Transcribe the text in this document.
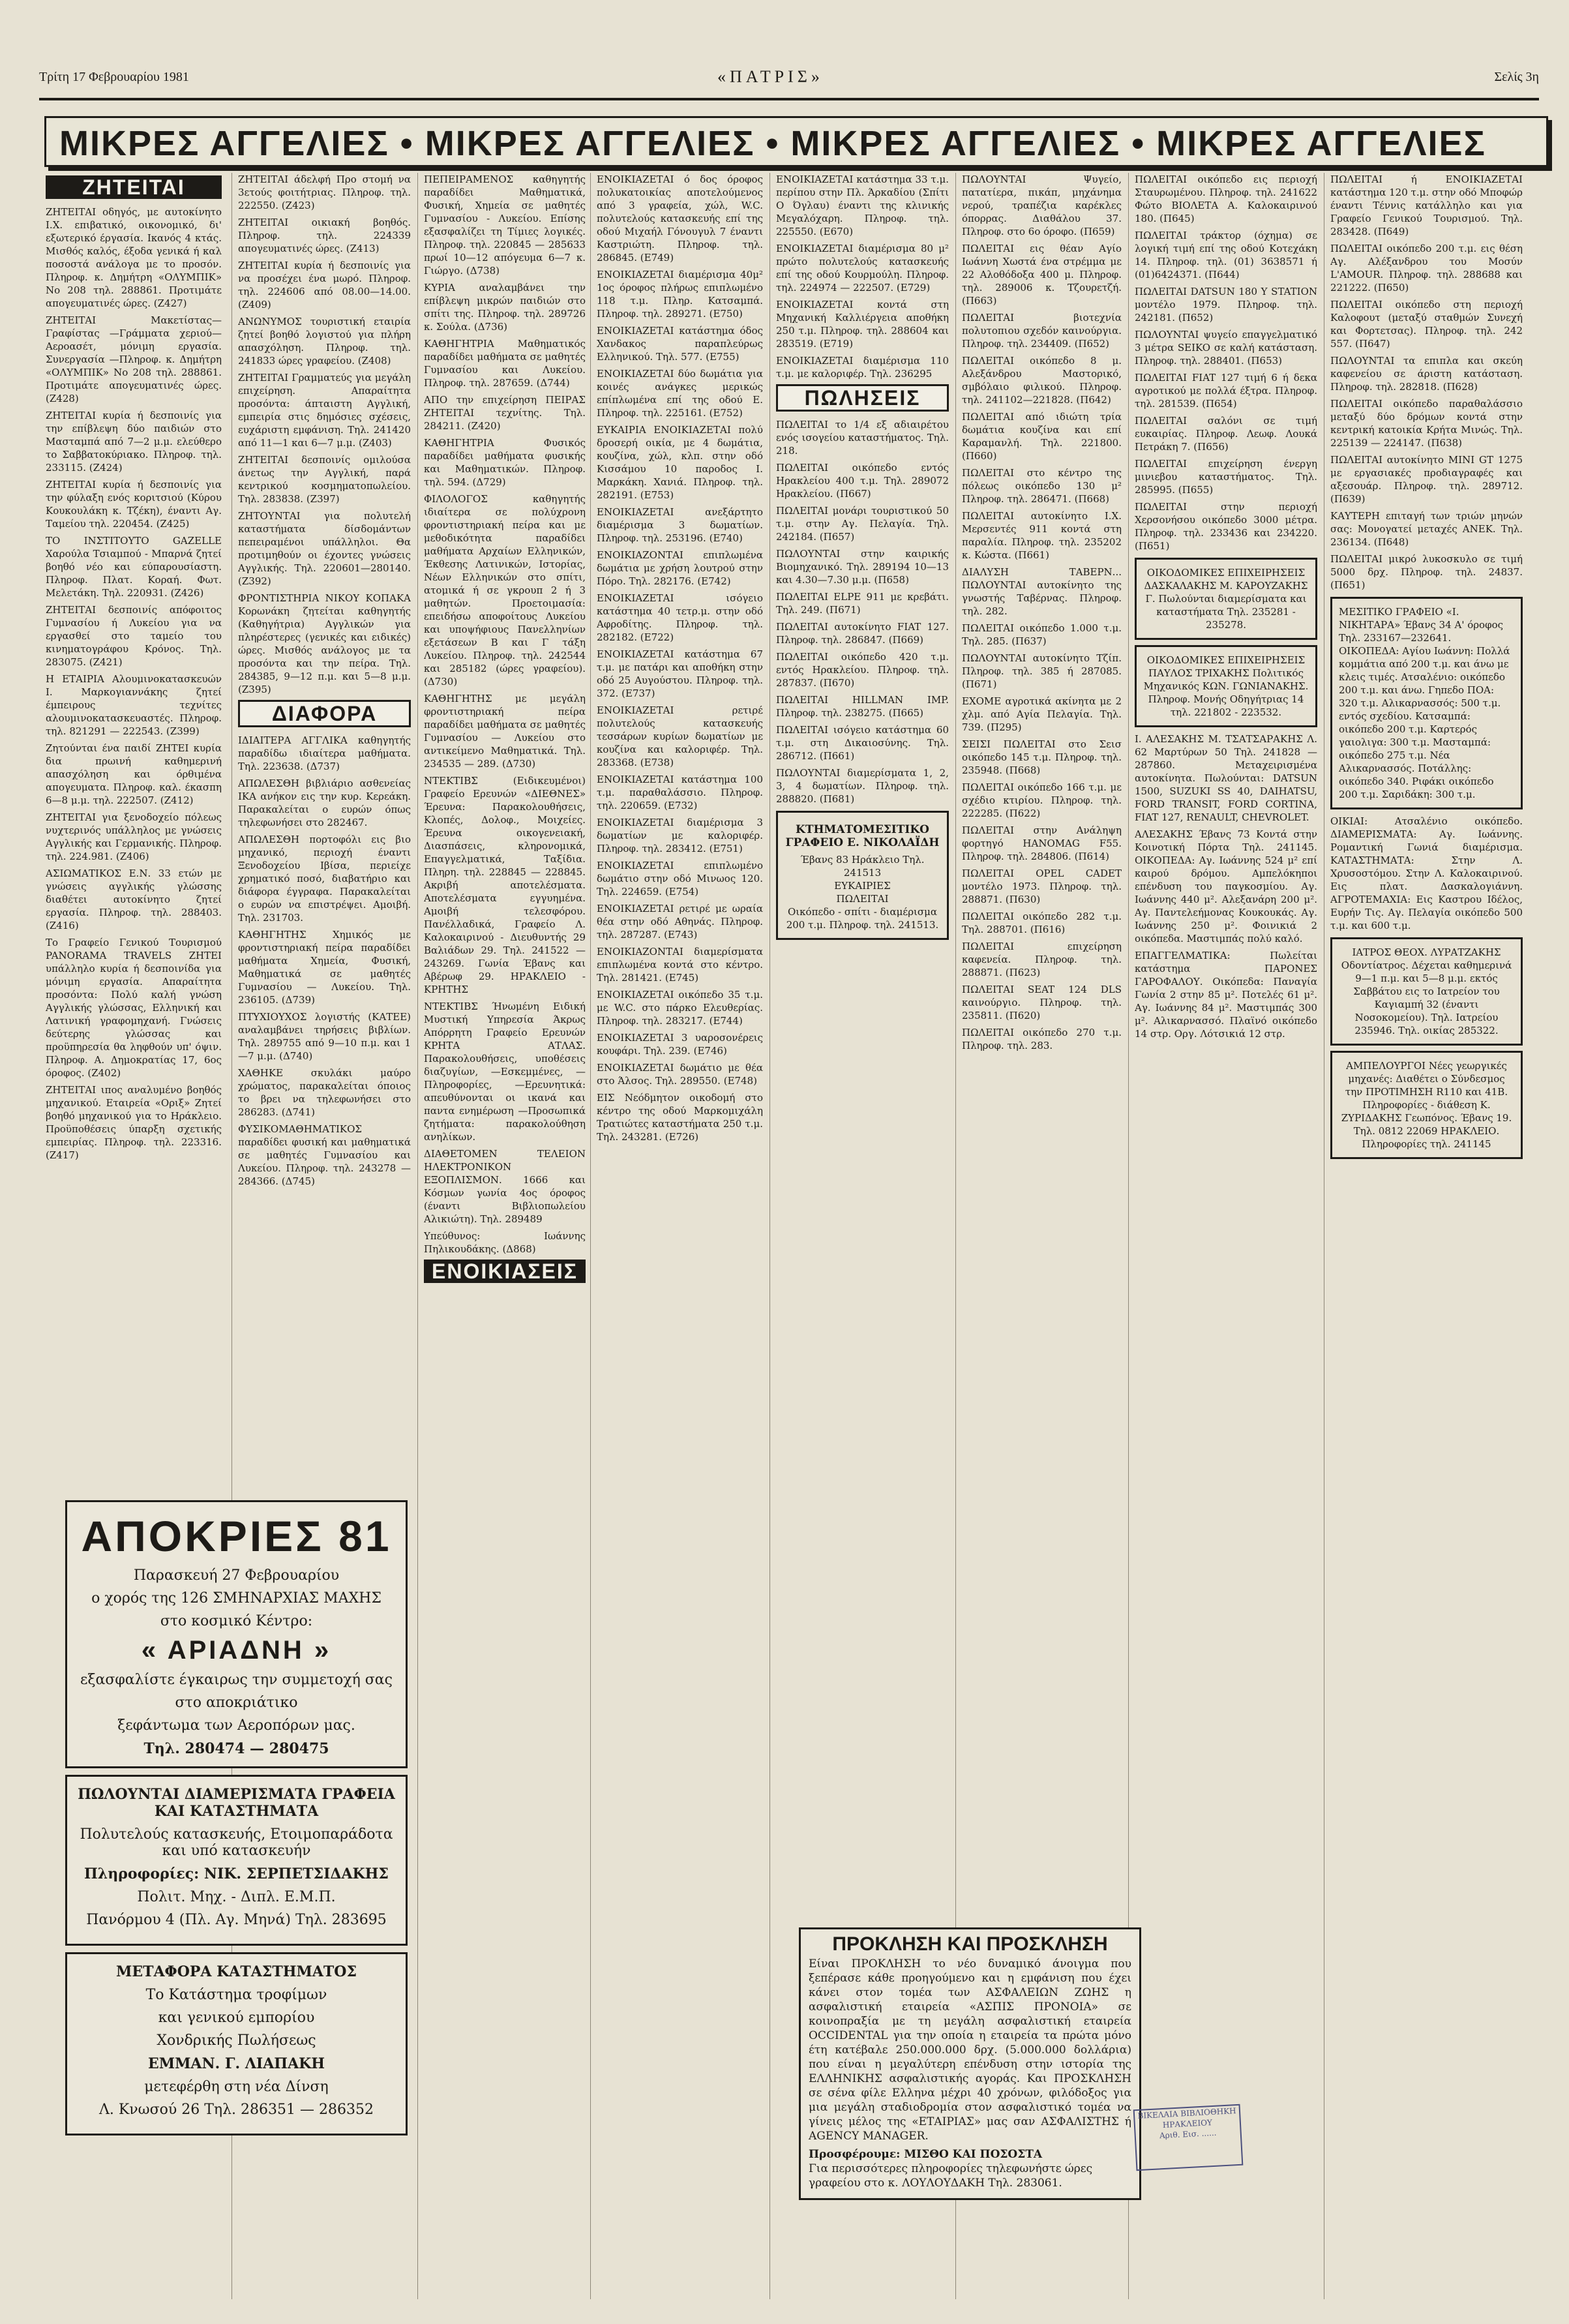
Τρίτη 17 Φεβρουαρίου 1981	«ΠΑΤΡΙΣ»	Σελίς 3η
ΜΙΚΡΕΣ ΑΓΓΕΛΙΕΣ • ΜΙΚΡΕΣ ΑΓΓΕΛΙΕΣ • ΜΙΚΡΕΣ ΑΓΓΕΛΙΕΣ • ΜΙΚΡΕΣ ΑΓΓΕΛΙΕΣ
ΖΗΤΕΙΤΑΙ

ΖΗΤΕΙΤΑΙ οδηγός, με αυτοκίνητο Ι.Χ. επιβατικό, οικονομικό, δι' εξωτερικό έργασία. Ικανός 4 κτάς. Μισθός καλός, έξοδα γενικά ή καλ ποσοστά ανάλογα με το προσόν. Πληροφ. κ. Δημήτρη «ΟΛΥΜΠΙΚ» Νο 208 τηλ. 288861. Προτιμάτε απογευματινές ώρες. (Ζ427)

ΖΗΤΕΙΤΑΙ Μακετίστας—Γραφίστας —Γράμματα χεριού— Αεροασέτ, μόνιμη εργασία. Συνεργασία —Πληροφ. κ. Δημήτρη «ΟΛΥΜΠΙΚ» Νο 208 τηλ. 288861. Προτιμάτε απογευματινές ώρες. (Ζ428)

ΖΗΤΕΙΤΑΙ κυρία ή δεσποινίς για την επίβλεψη δύο παιδιών στο Μασταμπά από 7—2 μ.μ. ελεύθερο το Σαββατοκύριακο. Πληροφ. τηλ. 233115. (Ζ424)

ΖΗΤΕΙΤΑΙ κυρία ή δεσποινίς για την φύλαξη ενός κοριτσιού (Κύρου Κουκουλάκη κ. Τζέκη), έναντι Αγ. Ταμείου τηλ. 220454. (Ζ425)

ΤΟ ΙΝΣΤΙΤΟΥΤΟ GAZELLE Χαρούλα Τσιαμπού - Μπαρνά ζητεί βοηθό νέο και εύπαρουσίαστη. Πληροφ. Πλατ. Κοραή. Φωτ. Μελετάκη. Τηλ. 220931. (Ζ426)

ΖΗΤΕΙΤΑΙ δεσποινίς απόφοιτος Γυμνασίου ή Λυκείου για να εργασθεί στο ταμείο του κινηματογράφου Κρόνος. Τηλ. 283075. (Ζ421)

Η ΕΤΑΙΡΙΑ Αλουμινοκατασκευών Ι. Μαρκογιαννάκης ζητεί έμπειρους τεχνίτες αλουμινοκατασκευαστές. Πληροφ. τηλ. 821291 — 222543. (Ζ399)

Ζητούνται ένα παιδί ΖΗΤΕΙ κυρία δια πρωινή καθημερινή απασχόληση και όρθιμένα απογευματα. Πληροφ. καλ. έκασπη 6—8 μ.μ. τηλ. 222507. (Ζ412)

ΖΗΤΕΙΤΑΙ για ξενοδοχείο πόλεως νυχτερινός υπάλληλος με γνώσεις Αγγλικής και Γερμανικής. Πληροφ. τηλ. 224.981. (Ζ406)

ΑΣΙΩΜΑΤΙΚΟΣ Ε.Ν. 33 ετών με γνώσεις αγγλικής γλώσσης διαθέτει αυτοκίνητο ζητεί εργασία. Πληροφ. τηλ. 288403. (Ζ416)

Το Γραφείο Γενικού Τουρισμού PANORAMA TRAVELS ΖΗΤΕΙ υπάλληλο κυρία ή δεσποινίδα για μόνιμη εργασία. Απαραίτητα προσόντα: Πολύ καλή γνώση Αγγλικής γλώσσας, Ελληνική και Λατινική γραφομηχανή. Γνώσεις δεύτερης γλώσσας και προϋπηρεσία θα ληφθούν υπ' όψιν. Πληροφ. Α. Δημοκρατίας 17, 6ος όροφος. (Ζ402)

ΖΗΤΕΙΤΑΙ ιπος αναλυμένο βοηθός μηχανικού. Εταιρεία «Οριξ» Ζητεί βοηθό μηχανικού για το Ηράκλειο. Προϋποθέσεις ύπαρξη σχετικής εμπειρίας. Πληροφ. τηλ. 223316. (Ζ417)

ΑΠΟΚΡΙΕΣ 81
Παρασκευή 27 Φεβρουαρίου
ο χορός της 126 ΣΜΗΝΑΡΧΙΑΣ ΜΑΧΗΣ
στο κοσμικό Κέντρο:
« ΑΡΙΑΔΝΗ »
εξασφαλίστε έγκαιρως την συμμετοχή σας
στο αποκριάτικο
ξεφάντωμα των Αεροπόρων μας.
Τηλ. 280474 — 280475
ΠΩΛΟΥΝΤΑΙ ΔΙΑΜΕΡΙΣΜΑΤΑ ΓΡΑΦΕΙΑ ΚΑΙ ΚΑΤΑΣΤΗΜΑΤΑ
Πολυτελούς κατασκευής, Ετοιμοπαράδοτα και υπό κατασκευήν
Πληροφορίες: ΝΙΚ. ΣΕΡΠΕΤΣΙΔΑΚΗΣ
Πολιτ. Μηχ. - Διπλ. Ε.Μ.Π.
Πανόρμου 4 (Πλ. Αγ. Μηνά) Τηλ. 283695
ΜΕΤΑΦΟΡΑ ΚΑΤΑΣΤΗΜΑΤΟΣ
Το Κατάστημα τροφίμων
και γενικού εμπορίου
Χονδρικής Πωλήσεως
ΕΜΜΑΝ. Γ. ΛΙΑΠΑΚΗ
μετεφέρθη στη νέα Δίνση
Λ. Κνωσού 26 Τηλ. 286351 — 286352

ΖΗΤΕΙΤΑΙ άδελφή Προ στομή να 3ετούς φοιτήτριας. Πληροφ. τηλ. 222550. (Ζ423)

ΖΗΤΕΙΤΑΙ οικιακή βοηθός. Πληροφ. τηλ. 224339 απογευματινές ώρες. (Ζ413)

ΖΗΤΕΙΤΑΙ κυρία ή δεσποινίς για να προσέχει ένα μωρό. Πληροφ. τηλ. 224606 από 08.00—14.00. (Ζ409)

ΑΝΩΝΥΜΟΣ τουριστική εταιρία ζητεί βοηθό λογιστού για πλήρη απασχόληση. Πληροφ. τηλ. 241833 ώρες γραφείου. (Ζ408)

ΖΗΤΕΙΤΑΙ Γραμματεύς για μεγάλη επιχείρηση. Απαραίτητα προσόντα: άπταιστη Αγγλική, εμπειρία στις δημόσιες σχέσεις, ευχάριστη εμφάνιση. Τηλ. 241420 από 11—1 και 6—7 μ.μ. (Ζ403)

ΖΗΤΕΙΤΑΙ δεσποινίς ομιλούσα άνετως την Αγγλική, παρά κεντρικού κοσμηματοπωλείου. Τηλ. 283838. (Ζ397)

ΖΗΤΟΥΝΤΑΙ για πολυτελή καταστήματα δίσδομάντων πεπειραμένοι υπάλληλοι. Θα προτιμηθούν οι έχοντες γνώσεις Αγγλικής. Τηλ. 220601—280140. (Ζ392)

ΦΡΟΝΤΙΣΤΗΡΙΑ ΝΙΚΟΥ ΚΟΠΑΚΑ Κορωνάκη ζητείται καθηγητής (Καθηγήτρια) Αγγλικών για πληρέστερες (γενικές και ειδικές) ώρες. Μισθός ανάλογος με τα προσόντα και την πείρα. Τηλ. 284385, 9—12 π.μ. και 5—8 μ.μ. (Ζ395)

ΔΙΑΦΟΡΑ

ΙΔΙΑΙΤΕΡΑ ΑΓΓΛΙΚΑ καθηγητής παραδίδω ιδιαίτερα μαθήματα. Τηλ. 223638. (Δ737)

ΑΠΩΛΕΣΘΗ βιβλιάριο ασθενείας ΙΚΑ ανήκον εις την κυρ. Κερεάκη. Παρακαλείται ο ευρών όπως τηλεφωνήσει στο 282467.

ΑΠΩΛΕΣΘΗ πορτοφόλι εις βιο μηχανικό, περιοχή έναντι Ξενοδοχείου Ιβίσα, περιείχε χρηματικό ποσό, διαβατήριο και διάφορα έγγραφα. Παρακαλείται ο ευρών να επιστρέψει. Αμοιβή. Τηλ. 231703.

ΚΑΘΗΓΗΤΗΣ Χημικός με φροντιστηριακή πείρα παραδίδει μαθήματα Χημεία, Φυσική, Μαθηματικά σε μαθητές Γυμνασίου — Λυκείου. Τηλ. 236105. (Δ739)

ΠΤΥΧΙΟΥΧΟΣ λογιστής (ΚΑΤΕΕ) αναλαμβάνει τηρήσεις βιβλίων. Τηλ. 289755 από 9—10 π.μ. και 1—7 μ.μ. (Δ740)

ΧΑΘΗΚΕ σκυλάκι μαύρο χρώματος, παρακαλείται όποιος το βρει να τηλεφωνήσει στο 286283. (Δ741)

ΦΥΣΙΚΟΜΑΘΗΜΑΤΙΚΟΣ παραδίδει φυσική και μαθηματικά σε μαθητές Γυμνασίου και Λυκείου. Πληροφ. τηλ. 243278 — 284366. (Δ745)

ΠΕΠΕΙΡΑΜΕΝΟΣ καθηγητής παραδίδει Μαθηματικά, Φυσική, Χημεία σε μαθητές Γυμνασίου - Λυκείου. Επίσης εξασφαλίζει τη Τίμιες λογικές. Πληροφ. τηλ. 220845 — 285633 πρωί 10—12 απόγευμα 6—7 κ. Γιώργο. (Δ738)

ΚΥΡΙΑ αναλαμβάνει την επίβλεψη μικρών παιδιών στο σπίτι της. Πληροφ. τηλ. 289726 κ. Σούλα. (Δ736)

ΚΑΘΗΓΗΤΡΙΑ Μαθηματικός παραδίδει μαθήματα σε μαθητές Γυμνασίου και Λυκείου. Πληροφ. τηλ. 287659. (Δ744)

ΑΠΟ την επιχείρηση ΠΕΙΡΑΣ ΖΗΤΕΙΤΑΙ τεχνίτης. Τηλ. 284211. (Ζ420)

ΚΑΘΗΓΗΤΡΙΑ Φυσικός παραδίδει μαθήματα φυσικής και Μαθηματικών. Πληροφ. τηλ. 594. (Δ729)

ΦΙΛΟΛΟΓΟΣ καθηγητής ιδιαίτερα σε πολύχρονη φροντιστηριακή πείρα και με μεθοδικότητα παραδίδει μαθήματα Αρχαίων Ελληνικών, Έκθεσης Λατινικών, Ιστορίας, Νέων Ελληνικών στο σπίτι, ατομικά ή σε γκρουπ 2 ή 3 μαθητών. Προετοιμασία: επειδήσω αποφοίτους Λυκείου και υποψήφιους Πανελληνίων εξετάσεων Β και Γ τάξη Λυκείου. Πληροφ. τηλ. 242544 και 285182 (ώρες γραφείου). (Δ730)

ΚΑΘΗΓΗΤΗΣ με μεγάλη φροντιστηριακή πείρα παραδίδει μαθήματα σε μαθητές Γυμνασίου — Λυκείου στο αντικείμενο Μαθηματικά. Τηλ. 234535 — 289. (Δ730)

ΝΤΕΚΤΙΒΣ (Ειδικευμένοι) Γραφείο Ερευνών «ΔΙΕΘΝΕΣ» Έρευνα: Παρακολουθήσεις, Κλοπές, Δολοφ., Μοιχείες. Έρευνα οικογενειακή, Διασπάσεις, κληρονομικά, Επαγγελματικά, Ταξίδια. Πληρη. τηλ. 228845 — 228845. Ακριβή αποτελέσματα. Αποτελέσματα εγγυημένα. Αμοιβή τελεσφόρου. Πανέλλαδικά, Γραφείο Λ. Καλοκαιρινού - Διευθυντής 29 Βαλιάδων 29. Τηλ. 241522 — 243269. Γωνία Έβανς και Αβέρωφ 29. ΗΡΑΚΛΕΙΟ - ΚΡΗΤΗΣ

ΝΤΕΚΤΙΒΣ Ήνωμένη Ειδική Μυστική Υπηρεσία Άκρως Απόρρητη Γραφείο Ερευνών ΚΡΗΤΑ ΑΤΛΑΣ. Παρακολουθήσεις, υποθέσεις διαζυγίων, —Εσκεμμένες, —Πληροφορίες, —Ερευνητικά: απευθύνονται οι ικανά και παντα ενημέρωση —Προσωπικά ζητήματα: παρακολούθηση ανηλίκων.

ΔΙΑΘΕΤΟΜΕΝ ΤΕΛΕΙΟΝ ΗΛΕΚΤΡΟΝΙΚΟΝ ΕΞΟΠΛΙΣΜΟΝ. 1666 και Κόσμων γωνία 4ος όροφος (έναντι Βιβλιοπωλείου Αλικιώτη). Τηλ. 289489

Υπεύθυνος: Ιωάννης Πηλικουδάκης. (Δ868)

ΕΝΟΙΚΙΑΣΕΙΣ

ΕΝΟΙΚΙΑΖΕΤΑΙ ό δος όροφος πολυκατοικίας αποτελούμενος από 3 γραφεία, χώλ, W.C. πολυτελούς κατασκευής επί της οδού Μιχαήλ Γόνουγυλ 7 έναντι Καστριώτη. Πληροφ. τηλ. 286845. (Ε749)

ΕΝΟΙΚΙΑΖΕΤΑΙ διαμέρισμα 40μ² 1ος όροφος πλήρως επιπλωμένο 118 τ.μ. Πληρ. Κατσαμπά. Πληροφ. τηλ. 289271. (Ε750)

ΕΝΟΙΚΙΑΖΕΤΑΙ κατάστημα όδος Χανδακος παραπλεύρως Ελληνικού. Τηλ. 577. (Ε755)

ΕΝΟΙΚΙΑΖΕΤΑΙ δύο δωμάτια για κοινές ανάγκες μερικώς επίπλωμένα επί της οδού Ε. Πληροφ. τηλ. 225161. (Ε752)

ΕΥΚΑΙΡΙΑ ΕΝΟΙΚΙΑΖΕΤΑΙ πολύ δροσερή οικία, με 4 δωμάτια, κουζίνα, χώλ, κλπ. στην οδό Κισσάμου 10 παροδος Ι. Μαρκάκη. Χανιά. Πληροφ. τηλ. 282191. (Ε753)

ΕΝΟΙΚΙΑΖΕΤΑΙ ανεξάρτητο διαμέρισμα 3 δωματίων. Πληροφ. τηλ. 253196. (Ε740)

ΕΝΟΙΚΙΑΖΟΝΤΑΙ επιπλωμένα δωμάτια με χρήση λουτρού στην Πόρο. Τηλ. 282176. (Ε742)

ΕΝΟΙΚΙΑΖΕΤΑΙ ισόγειο κατάστημα 40 τετρ.μ. στην οδό Αφροδίτης. Πληροφ. τηλ. 282182. (Ε722)

ΕΝΟΙΚΙΑΖΕΤΑΙ κατάστημα 67 τ.μ. με πατάρι και αποθήκη στην οδό 25 Αυγούστου. Πληροφ. τηλ. 372. (Ε737)

ΕΝΟΙΚΙΑΖΕΤΑΙ ρετιρέ πολυτελούς κατασκευής τεσσάρων κυρίων δωματίων με κουζίνα και καλοριφέρ. Τηλ. 283368. (Ε738)

ΕΝΟΙΚΙΑΖΕΤΑΙ κατάστημα 100 τ.μ. παραθαλάσσιο. Πληροφ. τηλ. 220659. (Ε732)

ΕΝΟΙΚΙΑΖΕΤΑΙ διαμέρισμα 3 δωματίων με καλοριφέρ. Πληροφ. τηλ. 283412. (Ε751)

ΕΝΟΙΚΙΑΖΕΤΑΙ επιπλωμένο δωμάτιο στην οδό Μινωος 120. Τηλ. 224659. (Ε754)

ΕΝΟΙΚΙΑΖΕΤΑΙ ρετιρέ με ωραία θέα στην οδό Αθηνάς. Πληροφ. τηλ. 287287. (Ε743)

ΕΝΟΙΚΙΑΖΟΝΤΑΙ διαμερίσματα επιπλωμένα κοντά στο κέντρο. Τηλ. 281421. (Ε745)

ΕΝΟΙΚΙΑΖΕΤΑΙ οικόπεδο 35 τ.μ. με W.C. στο πάρκο Ελευθερίας. Πληροφ. τηλ. 283217. (Ε744)

ΕΝΟΙΚΙΑΖΕΤΑΙ 3 υαροσονέρεις κουφάρι. Τηλ. 239. (Ε746)

ΕΝΟΙΚΙΑΖΕΤΑΙ δωμάτιο με θέα στο Άλσος. Τηλ. 289550. (Ε748)

ΕΙΣ Νεόδμητον οικοδομή στο κέντρο της οδού Μαρκομιχάλη Τρατιώτες καταστήματα 250 τ.μ. Τηλ. 243281. (Ε726)

ΕΝΟΙΚΙΑΖΕΤΑΙ κατάστημα 33 τ.μ. περίπου στην Πλ. Άρκαδίου (Σπίτι Ο Όγλαυ) έναντι της κλινικής Μεγαλόχαρη. Πληροφ. τηλ. 225550. (Ε670)

ΕΝΟΙΚΙΑΖΕΤΑΙ διαμέρισμα 80 μ² πρώτο πολυτελούς κατασκευής επί της οδού Κουρμούλη. Πληροφ. τηλ. 224974 — 222507. (Ε729)

ΕΝΟΙΚΙΑΖΕΤΑΙ κοντά στη Μηχανική Καλλιέργεια αποθήκη 250 τ.μ. Πληροφ. τηλ. 288604 και 283519. (Ε719)

ΕΝΟΙΚΙΑΖΕΤΑΙ διαμέρισμα 110 τ.μ. με καλοριφέρ. Τηλ. 236295

ΠΩΛΗΣΕΙΣ

ΠΩΛΕΙΤΑΙ το 1/4 εξ αδιαιρέτου ενός ισογείου καταστήματος. Τηλ. 218.

ΠΩΛΕΙΤΑΙ οικόπεδο εντός Ηρακλείου 400 τ.μ. Τηλ. 289072 Ηρακλείου. (Π667)

ΠΩΛΕΙΤΑΙ μονάρι τουριστικού 50 τ.μ. στην Αγ. Πελαγία. Τηλ. 242184. (Π657)

ΠΩΛΟΥΝΤΑΙ στην καιρικής Βιομηχανικό. Τηλ. 289194 10—13 και 4.30—7.30 μ.μ. (Π658)

ΠΩΛΕΙΤΑΙ ELPE 911 με κρεβάτι. Τηλ. 249. (Π671)

ΠΩΛΕΙΤΑΙ αυτοκίνητο FIAT 127. Πληροφ. τηλ. 286847. (Π669)

ΠΩΛΕΙΤΑΙ οικόπεδο 420 τ.μ. εντός Ηρακλείου. Πληροφ. τηλ. 287837. (Π670)

ΠΩΛΕΙΤΑΙ HILLMAN IMP. Πληροφ. τηλ. 238275. (Π665)

ΠΩΛΕΙΤΑΙ ισόγειο κατάστημα 60 τ.μ. στη Δικαιοσύνης. Τηλ. 286712. (Π661)

ΠΩΛΟΥΝΤΑΙ διαμερίσματα 1, 2, 3, 4 δωματίων. Πληροφ. τηλ. 288820. (Π681)

ΚΤΗΜΑΤΟΜΕΣΙΤΙΚΟ ΓΡΑΦΕΙΟ Ε. ΝΙΚΟΛΑΪΔΗ
Έβανς 83 Ηράκλειο Τηλ. 241513
ΕΥΚΑΙΡΙΕΣ
ΠΩΛΕΙΤΑΙ
Οικόπεδο - σπίτι - διαμέρισμα 200 τ.μ. Πληροφ. τηλ. 241513.
ΠΡΟΚΛΗΣΗ ΚΑΙ ΠΡΟΣΚΛΗΣΗ
Είναι ΠΡΟΚΛΗΣΗ το νέο δυναμικό άνοιγμα που ξεπέρασε κάθε προηγούμενο και η εμφάνιση που έχει κάνει στον τομέα των ΑΣΦΑΛΕΙΩΝ ΖΩΗΣ η ασφαλιστική εταιρεία «ΑΣΠΙΣ ΠΡΟΝΟΙΑ» σε κοινοπραξία με τη μεγάλη ασφαλιστική εταιρεία OCCIDENTAL για την οποία η εταιρεία τα πρώτα μόνο έτη κατέβαλε 250.000.000 δρχ. (5.000.000 δολλάρια) που είναι η μεγαλύτερη επένδυση στην ιστορία της ΕΛΛΗΝΙΚΗΣ ασφαλιστικής αγοράς. Και ΠΡΟΣΚΛΗΣΗ σε σένα φίλε Ελληνα μέχρι 40 χρόνων, φιλόδοξος για μια μεγάλη σταδιοδρομία στον ασφαλιστικό τομέα να γίνεις μέλος της «ΕΤΑΙΡΙΑΣ» μας σαν ΑΣΦΑΛΙΣΤΗΣ ή AGENCY MANAGER.
Προσφέρουμε: ΜΙΣΘΟ ΚΑΙ ΠΟΣΟΣΤΑ
Για περισσότερες πληροφορίες τηλεφωνήστε ώρες γραφείου στο κ. ΛΟΥΛΟΥΔΑΚΗ Τηλ. 283061.

ΠΩΛΟΥΝΤΑΙ Ψυγείο, πατατίερα, πικάπ, μηχάνημα νερού, τραπέζια καρέκλες όπορρας. Διαθάλου 37. Πληροφ. στο 6ο όροφο. (Π659)

ΠΩΛΕΙΤΑΙ εις θέαν Αγίο Ιωάννη Χωστά ένα στρέμμα με 22 Αλοθόδοξα 400 μ. Πληροφ. τηλ. 289006 κ. Τζουρετζή. (Π663)

ΠΩΛΕΙΤΑΙ βιοτεχνία πολυτοπιου σχεδόν καινούργια. Πληροφ. τηλ. 234409. (Π652)

ΠΩΛΕΙΤΑΙ οικόπεδο 8 μ. Αλεξάνδρου Μαστορικό, σμβόλαιο φιλικού. Πληροφ. τηλ. 241102—221828. (Π642)

ΠΩΛΕΙΤΑΙ από ιδιώτη τρία δωμάτια κουζίνα και επί Καραμανλή. Τηλ. 221800. (Π660)

ΠΩΛΕΙΤΑΙ στο κέντρο της πόλεως οικόπεδο 130 μ² Πληροφ. τηλ. 286471. (Π668)

ΠΩΛΕΙΤΑΙ αυτοκίνητο Ι.Χ. Μερσεντές 911 κοντά στη παραλία. Πληροφ. τηλ. 235202 κ. Κώστα. (Π661)

ΔΙΑΛΥΣΗ ΤΑΒΕΡΝ... ΠΩΛΟΥΝΤΑΙ αυτοκίνητο της γνωστής Ταβέρνας. Πληροφ. τηλ. 282.

ΠΩΛΕΙΤΑΙ οικόπεδο 1.000 τ.μ. Τηλ. 285. (Π637)

ΠΩΛΟΥΝΤΑΙ αυτοκίνητο Τζίπ. Πληροφ. τηλ. 385 ή 287085. (Π671)

ΕΧΟΜΕ αγροτικά ακίνητα με 2 χλμ. από Αγία Πελαγία. Τηλ. 739. (Π295)

ΣΕΙΣΙ ΠΩΛΕΙΤΑΙ στο Σεισ οικόπεδο 145 τ.μ. Πληροφ. τηλ. 235948. (Π668)

ΠΩΛΕΙΤΑΙ οικόπεδο 166 τ.μ. με σχέδιο κτιρίου. Πληροφ. τηλ. 222285. (Π622)

ΠΩΛΕΙΤΑΙ στην Ανάληψη φορτηγό HANOMAG F55. Πληροφ. τηλ. 284806. (Π614)

ΠΩΛΕΙΤΑΙ OPEL CADET μοντέλο 1973. Πληροφ. τηλ. 288871. (Π630)

ΠΩΛΕΙΤΑΙ οικόπεδο 282 τ.μ. Τηλ. 288701. (Π616)

ΠΩΛΕΙΤΑΙ επιχείρηση καφενεία. Πληροφ. τηλ. 288871. (Π623)

ΠΩΛΕΙΤΑΙ SEAT 124 DLS καινούργιο. Πληροφ. τηλ. 235811. (Π620)

ΠΩΛΕΙΤΑΙ οικόπεδο 270 τ.μ. Πληροφ. τηλ. 283.

ΠΩΛΕΙΤΑΙ οικόπεδο εις περιοχή Σταυρωμένου. Πληροφ. τηλ. 241622 Φώτο ΒΙΟΛΕΤΑ Α. Καλοκαιρινού 180. (Π645)

ΠΩΛΕΙΤΑΙ τράκτορ (όχημα) σε λογική τιμή επί της οδού Κοτεχάκη 14. Πληροφ. τηλ. (01) 3638571 ή (01)6424371. (Π644)

ΠΩΛΕΙΤΑΙ DATSUN 180 Y STATION μοντέλο 1979. Πληροφ. τηλ. 242181. (Π652)

ΠΩΛΟΥΝΤΑΙ ψυγείο επαγγελματικό 3 μέτρα SEIKO σε καλή κατάσταση. Πληροφ. τηλ. 288401. (Π653)

ΠΩΛΕΙΤΑΙ FIAT 127 τιμή 6 ή δεκα αγροτικού με πολλά έξτρα. Πληροφ. τηλ. 281539. (Π654)

ΠΩΛΕΙΤΑΙ σαλόνι σε τιμή ευκαιρίας. Πληροφ. Λεωφ. Λουκά Πετράκη 7. (Π656)

ΠΩΛΕΙΤΑΙ επιχείρηση ένεργη μινιεβου καταστήματος. Τηλ. 285995. (Π655)

ΠΩΛΕΙΤΑΙ στην περιοχή Χερσονήσου οικόπεδο 3000 μέτρα. Πληροφ. τηλ. 233436 και 234220. (Π651)

ΟΙΚΟΔΟΜΙΚΕΣ ΕΠΙΧΕΙΡΗΣΕΙΣ ΔΑΣΚΑΛΑΚΗΣ Μ. ΚΑΡΟΥΖΑΚΗΣ Γ. Πωλούνται διαμερίσματα και καταστήματα Τηλ. 235281 - 235278.
ΟΙΚΟΔΟΜΙΚΕΣ ΕΠΙΧΕΙΡΗΣΕΙΣ ΠΑΥΛΟΣ ΤΡΙΧΑΚΗΣ Πολιτικός Μηχανικός ΚΩΝ. ΓΩΝΙΑΝΑΚΗΣ. Πληροφ. Μονής Οδηγήτριας 14 τηλ. 221802 - 223532.

Ι. ΑΛΕΣΑΚΗΣ Μ. ΤΣΑΤΣΑΡΑΚΗΣ Λ. 62 Μαρτύρων 50 Τηλ. 241828 — 287860. Μεταχειρισμένα αυτοκίνητα. Πωλούνται: DATSUN 1500, SUZUKI SS 40, DAIHATSU, FORD TRANSIT, FORD CORTINA, FIAT 127, RENAULT, CHEVROLET.

ΑΛΕΣΑΚΗΣ Έβανς 73 Κοντά στην Κοινοτική Πόρτα Τηλ. 241145. ΟΙΚΟΠΕΔΑ: Αγ. Ιωάννης 524 μ² επί καιρού δρόμου. Αμπελόκηποι επένδυση του παγκοσμίου. Αγ. Ιωάννης 440 μ². Αλεξανάρη 200 μ². Αγ. Παντελεήμονας Κουκουκάς. Αγ. Ιωάννης 250 μ². Φοινικιά 2 οικόπεδα. Μαστιμπάς πολύ καλό.

ΕΠΑΓΓΕΛΜΑΤΙΚΑ: Πωλείται κατάστημα ΠΑΡΟΝΕΣ ΓΑΡΟΦΑΛΟΥ. Οικόπεδα: Παναγία Γωνία 2 στην 85 μ². Ποτελές 61 μ². Αγ. Ιωάννης 84 μ². Μαστιμπάς 300 μ². Αλικαρνασσό. Πλαϊνό οικόπεδο 14 στρ. Οργ. Λότσικιά 12 στρ.

ΠΩΛΕΙΤΑΙ ή ΕΝΟΙΚΙΑΖΕΤΑΙ κατάστημα 120 τ.μ. στην οδό Μποφώρ έναντι Τέννις κατάλληλο και για Γραφείο Γενικού Τουρισμού. Τηλ. 283428. (Π649)

ΠΩΛΕΙΤΑΙ οικόπεδο 200 τ.μ. εις θέση Αγ. Αλέξανδρου του Μοσύν L'AMOUR. Πληροφ. τηλ. 288688 και 221222. (Π650)

ΠΩΛΕΙΤΑΙ οικόπεδο στη περιοχή Καλοφουτ (μεταξύ σταθμών Συνεχή και Φορτετσας). Πληροφ. τηλ. 242 557. (Π647)

ΠΩΛΟΥΝΤΑΙ τα επιπλα και σκεύη καφενείου σε άριστη κατάσταση. Πληροφ. τηλ. 282818. (Π628)

ΠΩΛΕΙΤΑΙ οικόπεδο παραθαλάσσιο μεταξύ δύο δρόμων κοντά στην κεντρική κατοικία Κρήτα Μινώς. Τηλ. 225139 — 224147. (Π638)

ΠΩΛΕΙΤΑΙ αυτοκίνητο MINI GT 1275 με εργασιακές προδιαγραφές και αξεσουάρ. Πληροφ. τηλ. 289712. (Π639)

ΚΑΥΤΕΡΗ επιταγή των τριών μηνών σας: Μονογατεί μεταχές ANEK. Τηλ. 236134. (Π648)

ΠΩΛΕΙΤΑΙ μικρό λυκοσκυλο σε τιμή 5000 δρχ. Πληροφ. τηλ. 24837. (Π651)

ΜΕΣΙΤΙΚΟ ΓΡΑΦΕΙΟ «Ι. ΝΙΚΗΤΑΡΑ» Έβανς 34 Α' όροφος Τηλ. 233167—232641. ΟΙΚΟΠΕΔΑ: Αγίου Ιωάννη: Πολλά κομμάτια από 200 τ.μ. και άνω με κλεις τιμές. Ατσαλένιο: οικόπεδο 200 τ.μ. και άνω. Γηπεδο ΠΟΑ: 320 τ.μ. Αλικαρνασσός: 500 τ.μ. εντός σχεδίου. Κατσαμπά: οικόπεδο 200 τ.μ. Καρτερός γαιολιγα: 300 τ.μ. Μασταμπά: οικόπεδο 275 τ.μ. Νέα Αλικαρνασσός. Ποτάλλης: οικόπεδο 340. Ριφάκι οικόπεδο 200 τ.μ. Σαριδάκη: 300 τ.μ.

ΟΙΚΙΑΙ: Ατσαλένιο οικόπεδο. ΔΙΑΜΕΡΙΣΜΑΤΑ: Αγ. Ιωάννης. Ρομαντική Γωνιά διαμέρισμα. ΚΑΤΑΣΤΗΜΑΤΑ: Στην Λ. Χρυσοστόμου. Στην Λ. Καλοκαιρινού. Εις πλατ. Δασκαλογιάννη. ΑΓΡΟΤΕΜΑΧΙΑ: Εις Καστρου Ιδέλος, Ευρήν Τις. Αγ. Πελαγία οικόπεδο 500 τ.μ. και 600 τ.μ.

ΙΑΤΡΟΣ ΘΕΟΧ. ΛΥΡΑΤΖΑΚΗΣ Οδοντίατρος. Δέχεται καθημερινά 9—1 π.μ. και 5—8 μ.μ. εκτός Σαββάτου εις το Ιατρείον του Καγιαμπή 32 (έναντι Νοσοκομείου). Τηλ. Ιατρείου 235946. Τηλ. οικίας 285322.
ΑΜΠΕΛΟΥΡΓΟΙ Νέες γεωργικές μηχανές: Διαθέτει ο Σύνδεσμος την ΠΡΟΤΙΜΗΣΗ R110 και 41B. Πληροφορίες - διάθεση Κ. ΖΥΡΙΔΑΚΗΣ Γεωπόνος. Έβανς 19. Τηλ. 0812 22069 ΗΡΑΚΛΕΙΟ. Πληροφορίες τηλ. 241145
ΒΙΚΕΛΑΙΑ ΒΙΒΛΙΟΘΗΚΗ ΗΡΑΚΛΕΙΟΥ
Αριθ. Εισ. ......
